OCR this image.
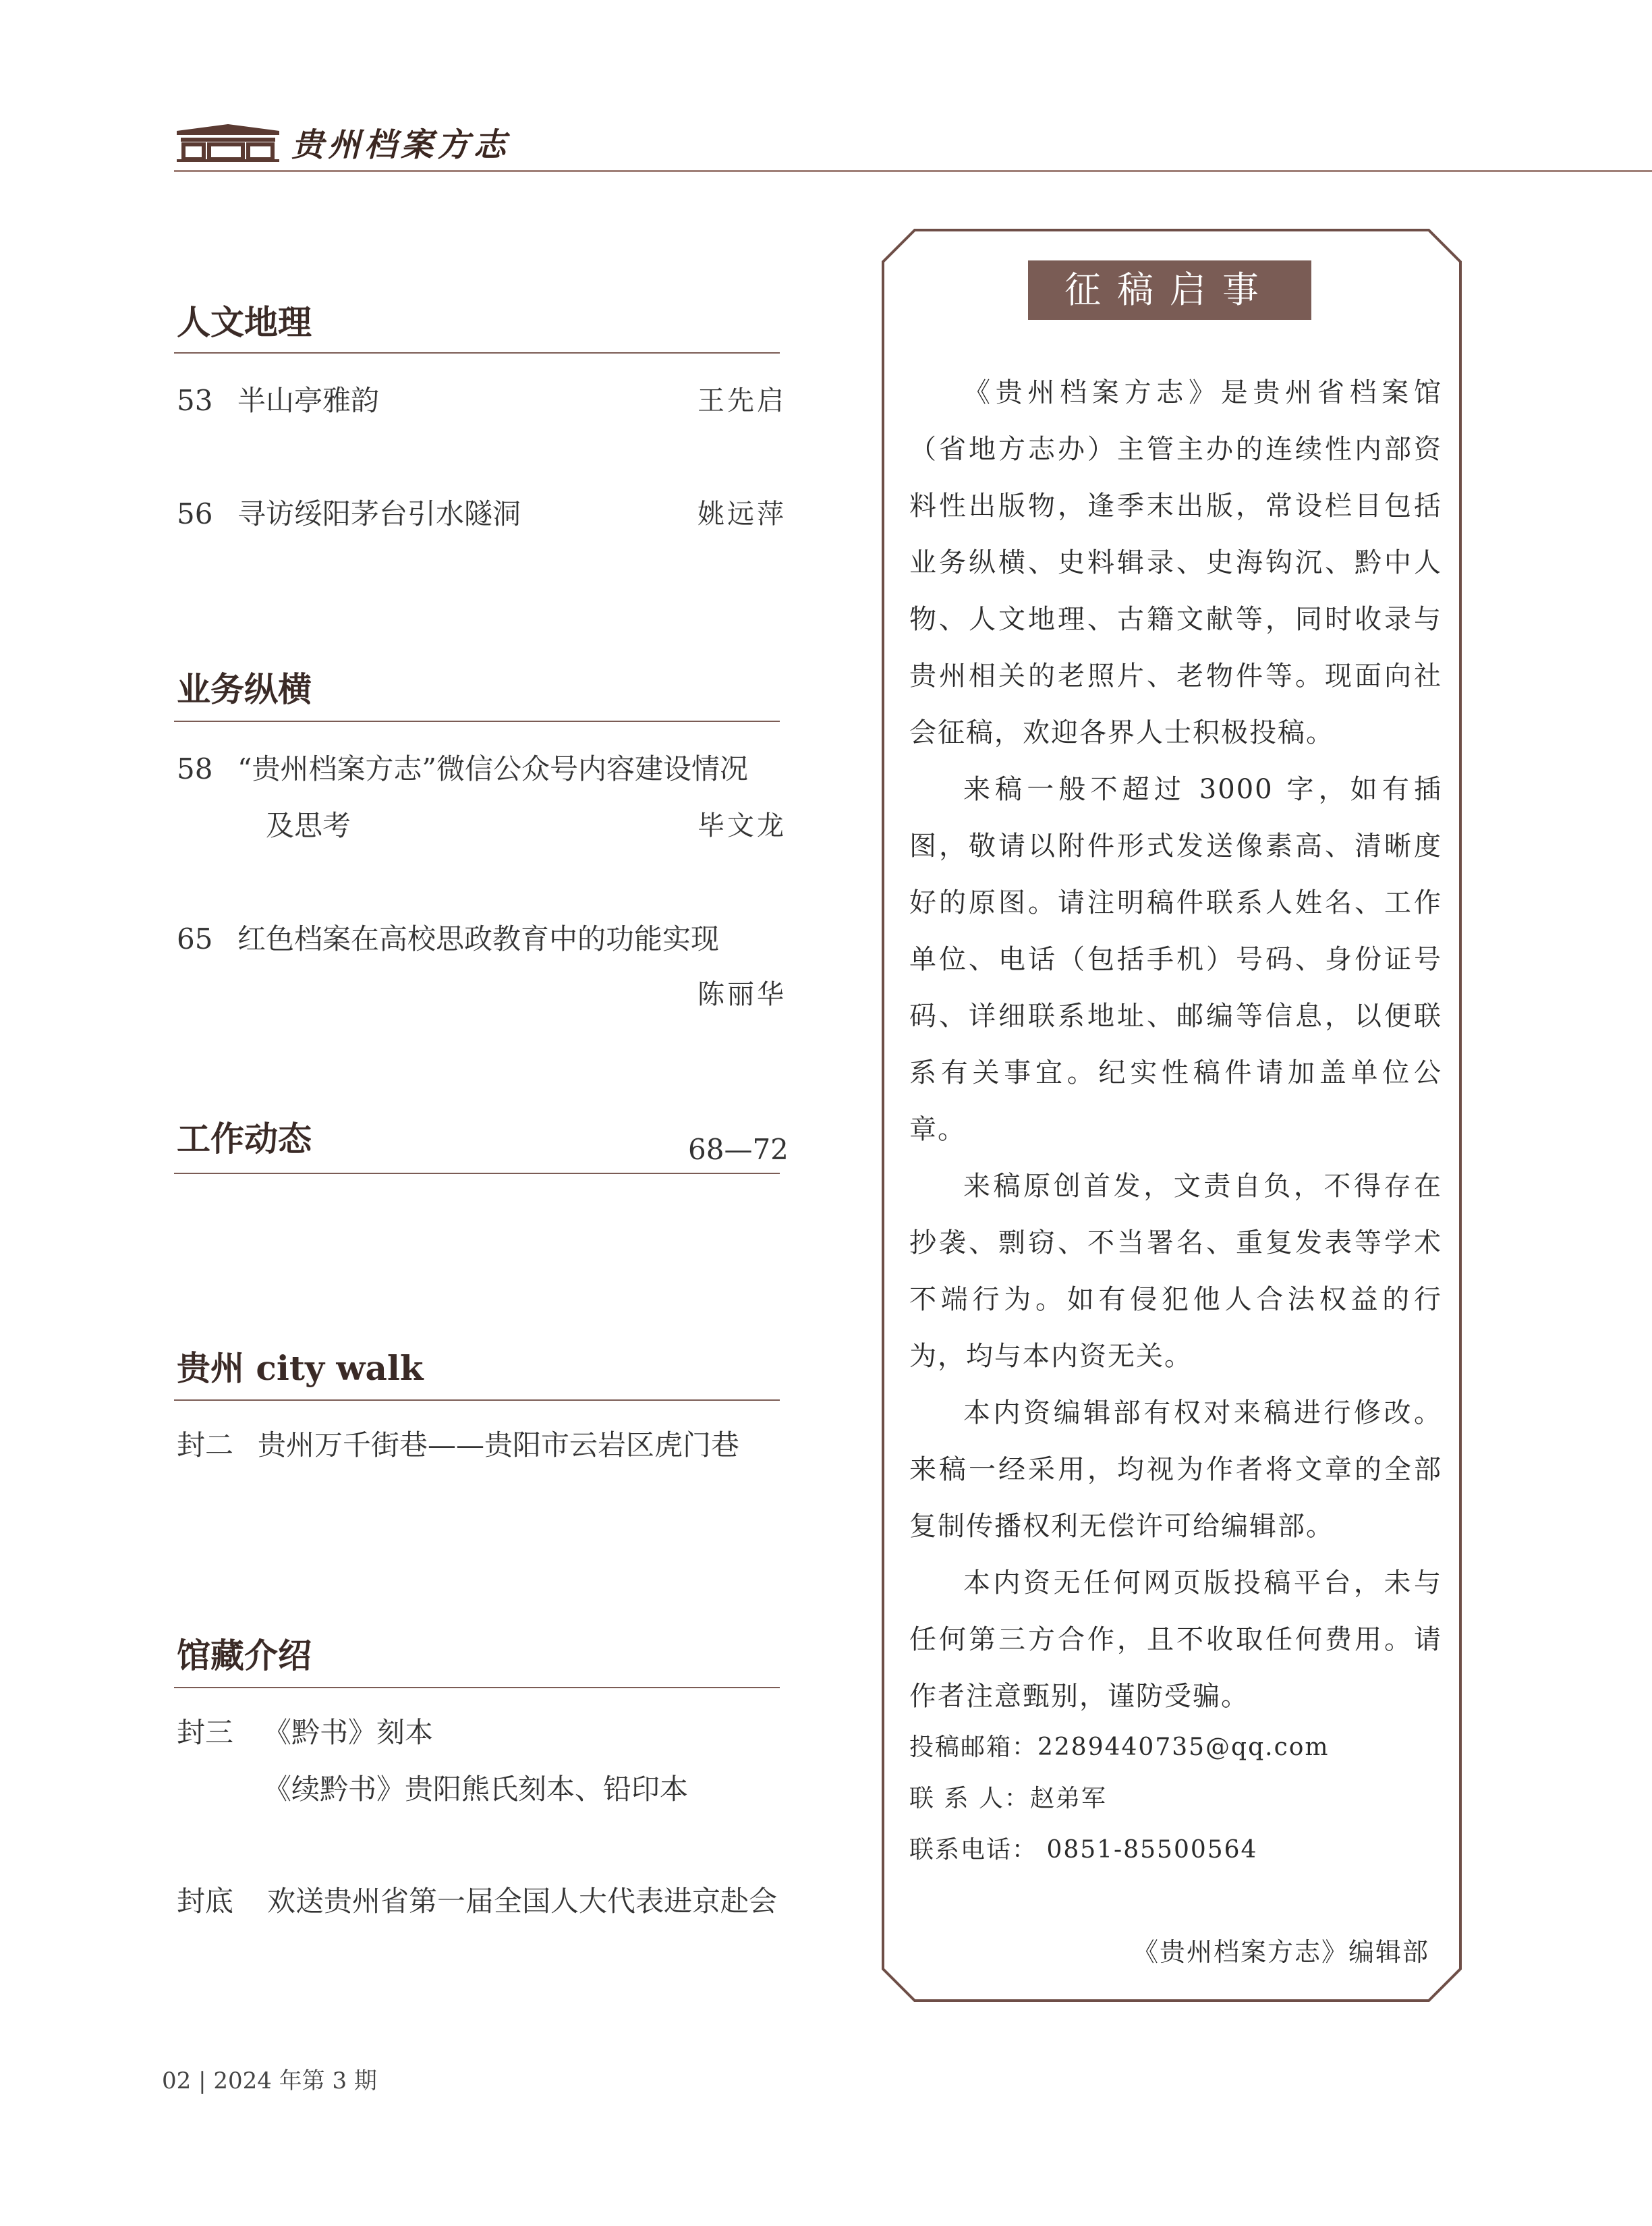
贵州档案方志
人文地理
53 半山亭雅韵	王先启
56 寻访绥阳茅台引水隧洞	姚远萍
业务纵横
58 “贵州档案方志”微信公众号内容建设情况
及思考	毕文龙
65 红色档案在高校思政教育中的功能实现
陈丽华
工作动态	68—72
贵州 city walk
封二 贵州万千街巷——贵阳市云岩区虎门巷
馆藏介绍
封三 《黔书》刻本
《续黔书》贵阳熊氏刻本、铅印本
封底 欢送贵州省第一届全国人大代表进京赴会
征稿启事

《贵州档案方志》是贵州省档案馆（省地方志办）主管主办的连续性内部资料性出版物，逢季末出版，常设栏目包括业务纵横、史料辑录、史海钩沉、黔中人物、人文地理、古籍文献等，同时收录与贵州相关的老照片、老物件等。现面向社会征稿，欢迎各界人士积极投稿。

来稿一般不超过 3000 字，如有插图，敬请以附件形式发送像素高、清晰度好的原图。请注明稿件联系人姓名、工作单位、电话（包括手机）号码、身份证号码、详细联系地址、邮编等信息，以便联系有关事宜。纪实性稿件请加盖单位公章。

来稿原创首发，文责自负，不得存在抄袭、剽窃、不当署名、重复发表等学术不端行为。如有侵犯他人合法权益的行为，均与本内资无关。

本内资编辑部有权对来稿进行修改。来稿一经采用，均视为作者将文章的全部复制传播权利无偿许可给编辑部。

本内资无任何网页版投稿平台，未与任何第三方合作，且不收取任何费用。请作者注意甄别，谨防受骗。

投稿邮箱：2289440735@qq.com
联 系 人：赵弟军
联系电话： 0851-85500564
《贵州档案方志》编辑部
02 | 2024 年第 3 期
